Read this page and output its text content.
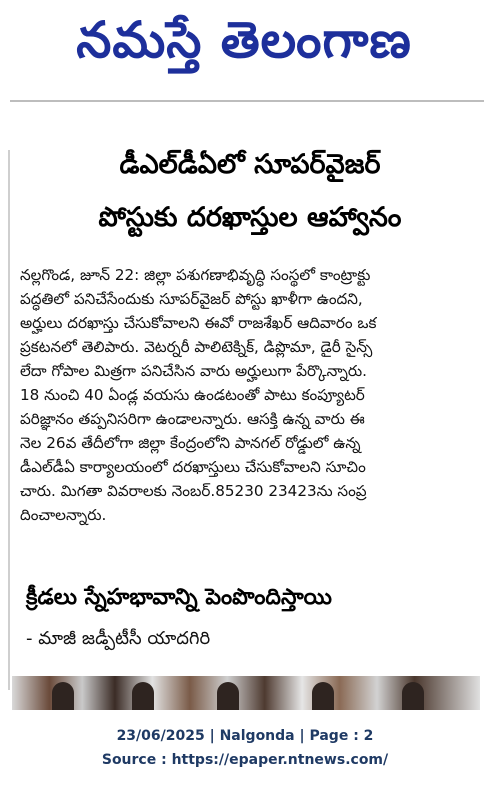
నమస్తే తెలంగాణ
డీఎల్‌డీఏలో సూపర్‌వైజర్
పోస్టుకు దరఖాస్తుల ఆహ్వానం
నల్లగొండ, జూన్ 22: జిల్లా పశుగణాభివృద్ధి సంస్థలో కాంట్రాక్టు
పద్ధతిలో పనిచేసేందుకు సూపర్‌వైజర్ పోస్టు ఖాళీగా ఉందని,
అర్హులు దరఖాస్తు చేసుకోవాలని ఈవో రాజశేఖర్ ఆదివారం ఒక
ప్రకటనలో తెలిపారు. వెటర్నరీ పాలిటెక్నిక్, డిప్లొమా, డైరీ సైన్స్
లేదా గోపాల మిత్రగా పనిచేసిన వారు అర్హులుగా పేర్కొన్నారు.
18 నుంచి 40 ఏండ్ల వయసు ఉండటంతో పాటు కంప్యూటర్
పరిజ్ఞానం తప్పనిసరిగా ఉండాలన్నారు. ఆసక్తి ఉన్న వారు ఈ
నెల 26వ తేదీలోగా జిల్లా కేంద్రంలోని పానగల్ రోడ్డులో ఉన్న
డీఎల్‌డీఏ కార్యాలయంలో దరఖాస్తులు చేసుకోవాలని సూచిం
చారు. మిగతా వివరాలకు నెంబర్.85230 23423ను సంప్ర
దించాలన్నారు.
క్రీడలు స్నేహభావాన్ని పెంపొందిస్తాయి
- మాజీ జడ్పీటీసీ యాదగిరి
23/06/2025 | Nalgonda | Page : 2
Source : https://epaper.ntnews.com/
